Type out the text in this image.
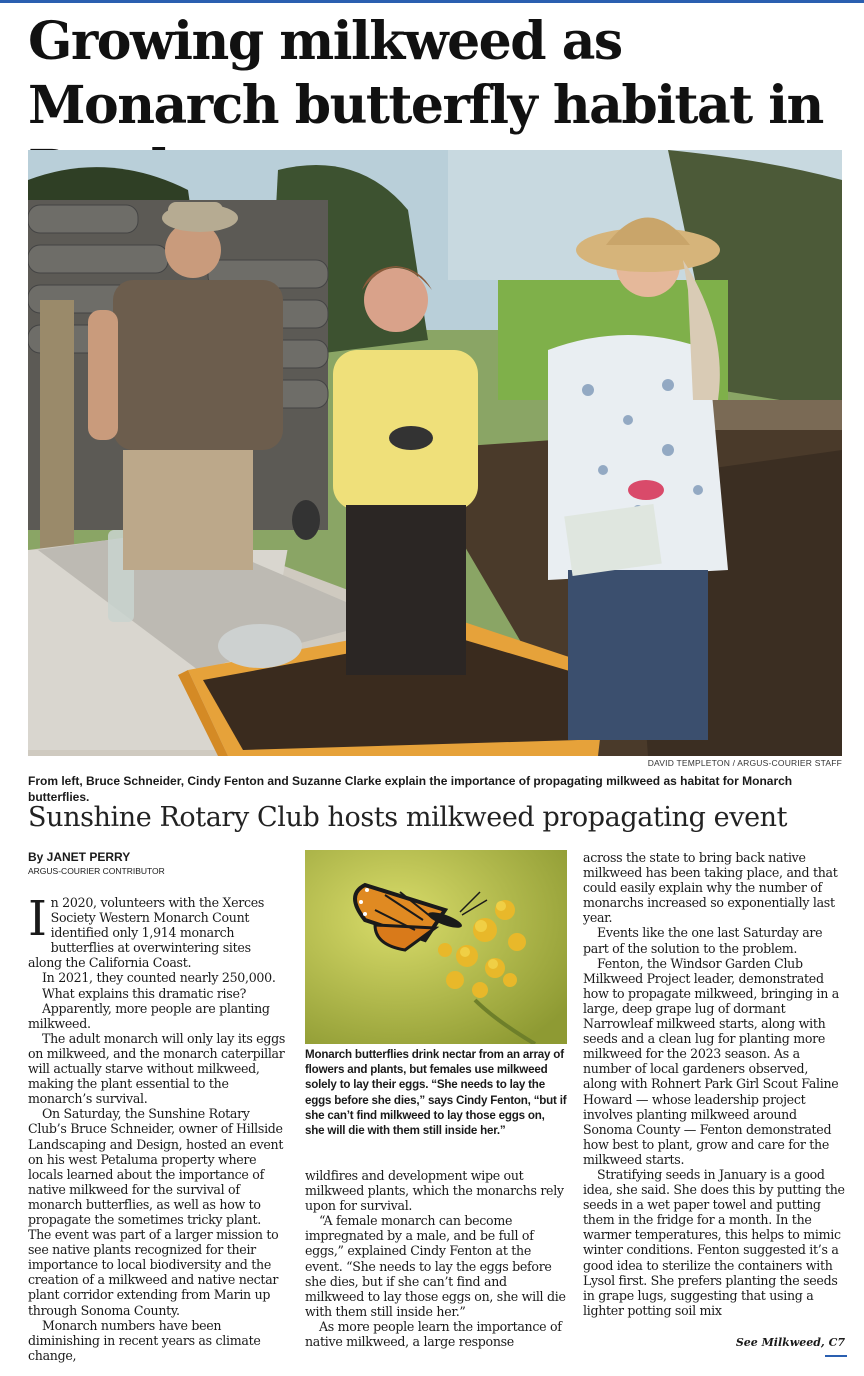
Growing milkweed as Monarch butterfly habitat in
DAVID TEMPLETON / ARGUS-COURIER STAFF
From left, Bruce Schneider, Cindy Fenton and Suzanne Clarke explain the importance of propagating milkweed as habitat for Monarch butterflies.
Sunshine Rotary Club hosts milkweed propagating event
By JANET PERRY
ARGUS-COURIER CONTRIBUTOR

In 2020, volunteers with the Xerces Society Western Monarch Count identified only 1,914 monarch butterflies at overwintering sites along the California Coast.

In 2021, they counted nearly 250,000.

What explains this dramatic rise?

Apparently, more people are planting milkweed.

The adult monarch will only lay its eggs on milkweed, and the monarch caterpillar will actually starve without milkweed, making the plant essential to the monarch’s survival.

On Saturday, the Sunshine Rotary Club’s Bruce Schneider, owner of Hillside Landscaping and Design, hosted an event on his west Petaluma property where locals learned about the importance of native milkweed for the survival of monarch butterflies, as well as how to propagate the sometimes tricky plant. The event was part of a larger mission to see native plants recognized for their importance to local biodiversity and the creation of a milkweed and native nectar plant corridor extending from Marin up through Sonoma County.

Monarch numbers have been diminishing in recent years as climate change,

Monarch butterflies drink nectar from an array of flowers and plants, but females use milkweed solely to lay their eggs. “She needs to lay the eggs before she dies,” says Cindy Fenton, “but if she can’t find milkweed to lay those eggs on, she will die with them still inside her.”

wildfires and development wipe out milkweed plants, which the monarchs rely upon for survival.

“A female monarch can become impregnated by a male, and be full of eggs,” explained Cindy Fenton at the event. “She needs to lay the eggs before she dies, but if she can’t find and milkweed to lay those eggs on, she will die with them still inside her.”

As more people learn the importance of native milkweed, a large response

across the state to bring back native milkweed has been taking place, and that could easily explain why the number of monarchs increased so exponentially last year.

Events like the one last Saturday are part of the solution to the problem.

Fenton, the Windsor Garden Club Milkweed Project leader, demonstrated how to propagate milkweed, bringing in a large, deep grape lug of dormant Narrowleaf milkweed starts, along with seeds and a clean lug for planting more milkweed for the 2023 season. As a number of local gardeners observed, along with Rohnert Park Girl Scout Faline Howard — whose leadership project involves planting milkweed around Sonoma County — Fenton demonstrated how best to plant, grow and care for the milkweed starts.

Stratifying seeds in January is a good idea, she said. She does this by putting the seeds in a wet paper towel and putting them in the fridge for a month. In the warmer temperatures, this helps to mimic winter conditions. Fenton suggested it’s a good idea to sterilize the containers with Lysol first. She prefers planting the seeds in grape lugs, suggesting that using a lighter potting soil mix

See Milkweed, C7
